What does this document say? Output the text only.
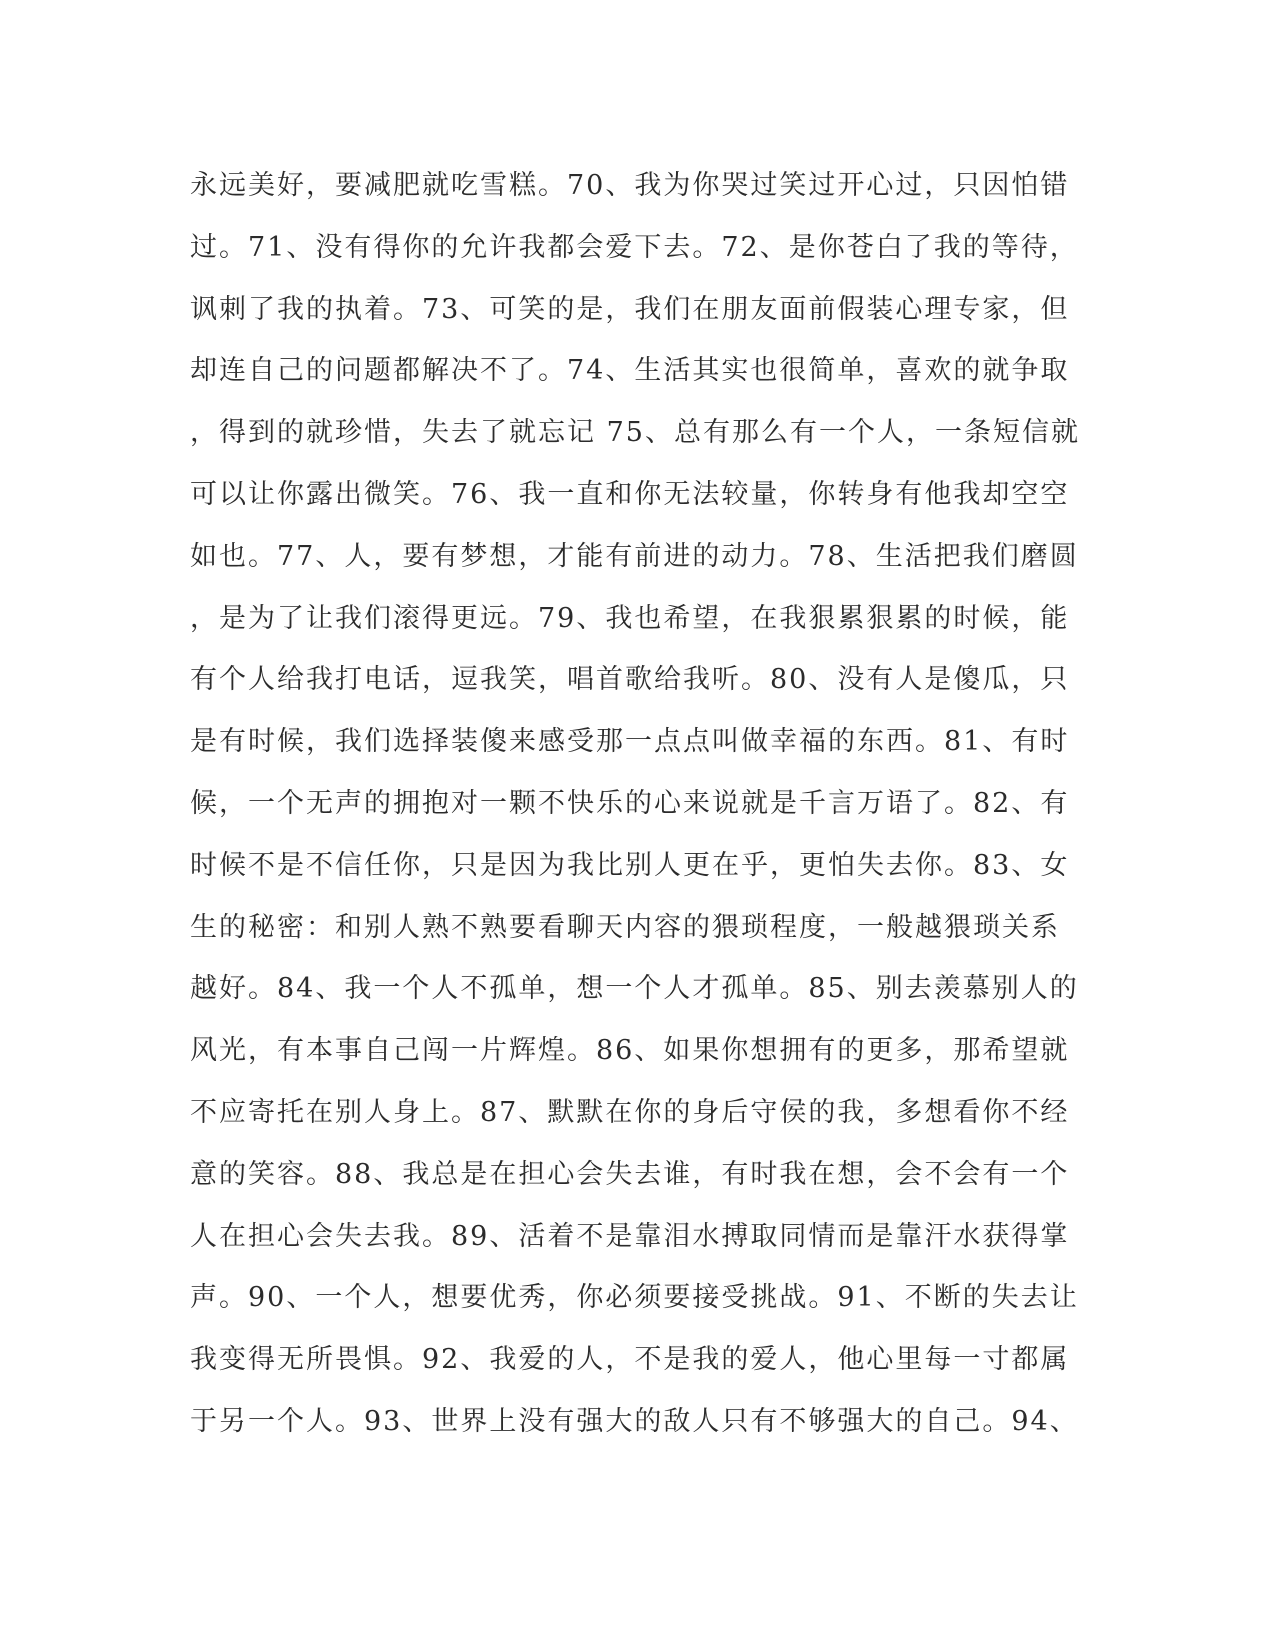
永远美好，要减肥就吃雪糕。70、我为你哭过笑过开心过，只因怕错
过。71、没有得你的允许我都会爱下去。72、是你苍白了我的等待，
讽刺了我的执着。73、可笑的是，我们在朋友面前假装心理专家，但
却连自己的问题都解决不了。74、生活其实也很简单，喜欢的就争取
，得到的就珍惜，失去了就忘记 75、总有那么有一个人，一条短信就
可以让你露出微笑。76、我一直和你无法较量，你转身有他我却空空
如也。77、人，要有梦想，才能有前进的动力。78、生活把我们磨圆
，是为了让我们滚得更远。79、我也希望，在我狠累狠累的时候，能
有个人给我打电话，逗我笑，唱首歌给我听。80、没有人是傻瓜，只
是有时候，我们选择装傻来感受那一点点叫做幸福的东西。81、有时
候，一个无声的拥抱对一颗不快乐的心来说就是千言万语了。82、有
时候不是不信任你，只是因为我比别人更在乎，更怕失去你。83、女
生的秘密：和别人熟不熟要看聊天内容的猥琐程度，一般越猥琐关系
越好。84、我一个人不孤单，想一个人才孤单。85、别去羡慕别人的
风光，有本事自己闯一片辉煌。86、如果你想拥有的更多，那希望就
不应寄托在别人身上。87、默默在你的身后守侯的我，多想看你不经
意的笑容。88、我总是在担心会失去谁，有时我在想，会不会有一个
人在担心会失去我。89、活着不是靠泪水搏取同情而是靠汗水获得掌
声。90、一个人，想要优秀，你必须要接受挑战。91、不断的失去让
我变得无所畏惧。92、我爱的人，不是我的爱人，他心里每一寸都属
于另一个人。93、世界上没有强大的敌人只有不够强大的自己。94、
